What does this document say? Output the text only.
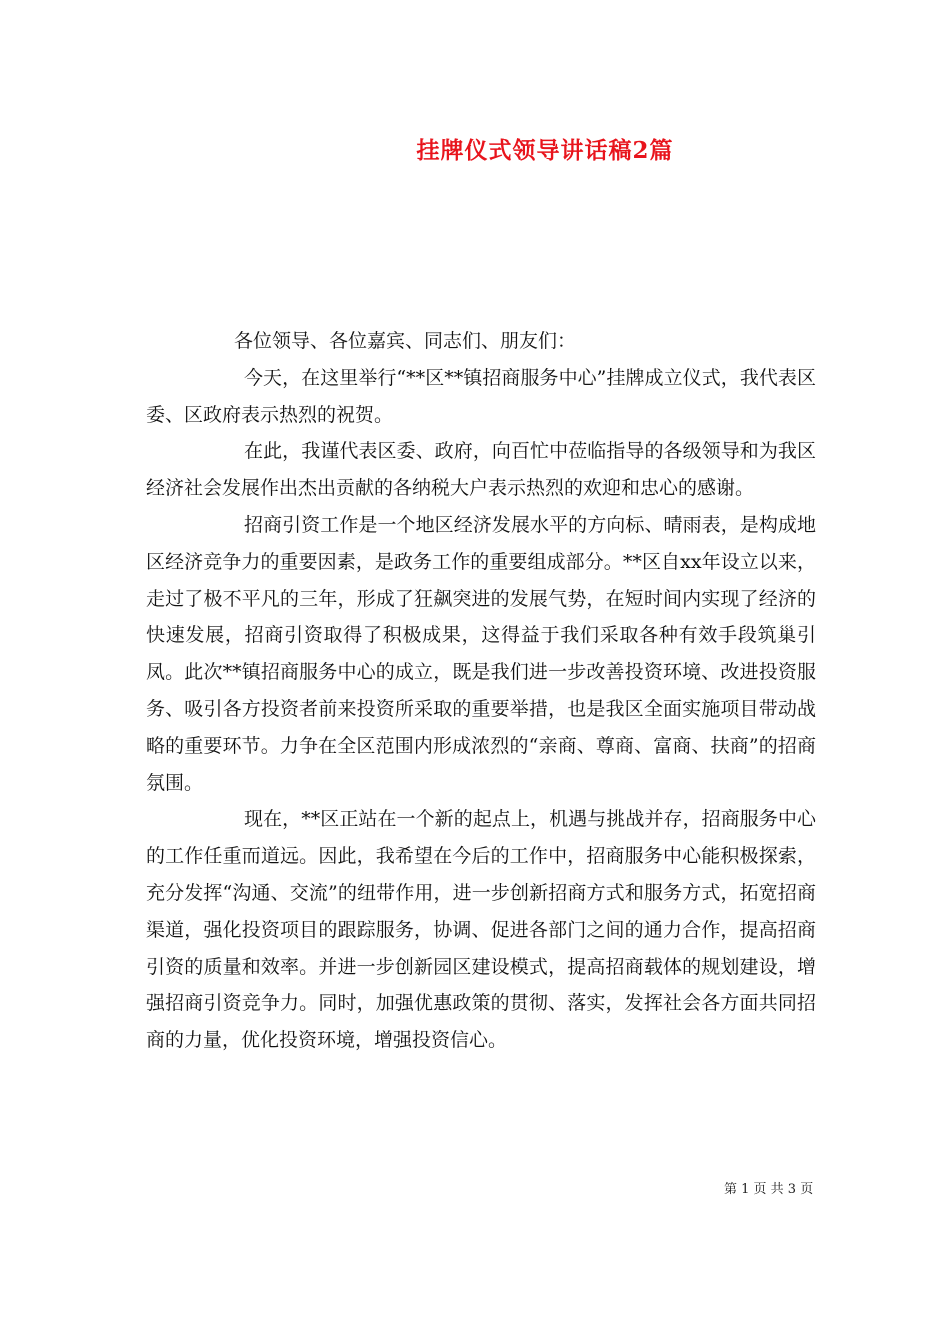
挂牌仪式领导讲话稿2篇

各位领导、各位嘉宾、同志们、朋友们：

今天，在这里举行“**区**镇招商服务中心”挂牌成立仪式，我代表区委、区政府表示热烈的祝贺。

在此，我谨代表区委、政府，向百忙中莅临指导的各级领导和为我区经济社会发展作出杰出贡献的各纳税大户表示热烈的欢迎和忠心的感谢。

招商引资工作是一个地区经济发展水平的方向标、晴雨表，是构成地区经济竞争力的重要因素，是政务工作的重要组成部分。**区自xx年设立以来，走过了极不平凡的三年，形成了狂飙突进的发展气势，在短时间内实现了经济的快速发展，招商引资取得了积极成果，这得益于我们采取各种有效手段筑巢引凤。此次**镇招商服务中心的成立，既是我们进一步改善投资环境、改进投资服务、吸引各方投资者前来投资所采取的重要举措，也是我区全面实施项目带动战略的重要环节。力争在全区范围内形成浓烈的“亲商、尊商、富商、扶商”的招商氛围。

现在，**区正站在一个新的起点上，机遇与挑战并存，招商服务中心的工作任重而道远。因此，我希望在今后的工作中，招商服务中心能积极探索，充分发挥“沟通、交流”的纽带作用，进一步创新招商方式和服务方式，拓宽招商渠道，强化投资项目的跟踪服务，协调、促进各部门之间的通力合作，提高招商引资的质量和效率。并进一步创新园区建设模式，提高招商载体的规划建设，增强招商引资竞争力。同时，加强优惠政策的贯彻、落实，发挥社会各方面共同招商的力量，优化投资环境，增强投资信心。

第 1 页 共 3 页
